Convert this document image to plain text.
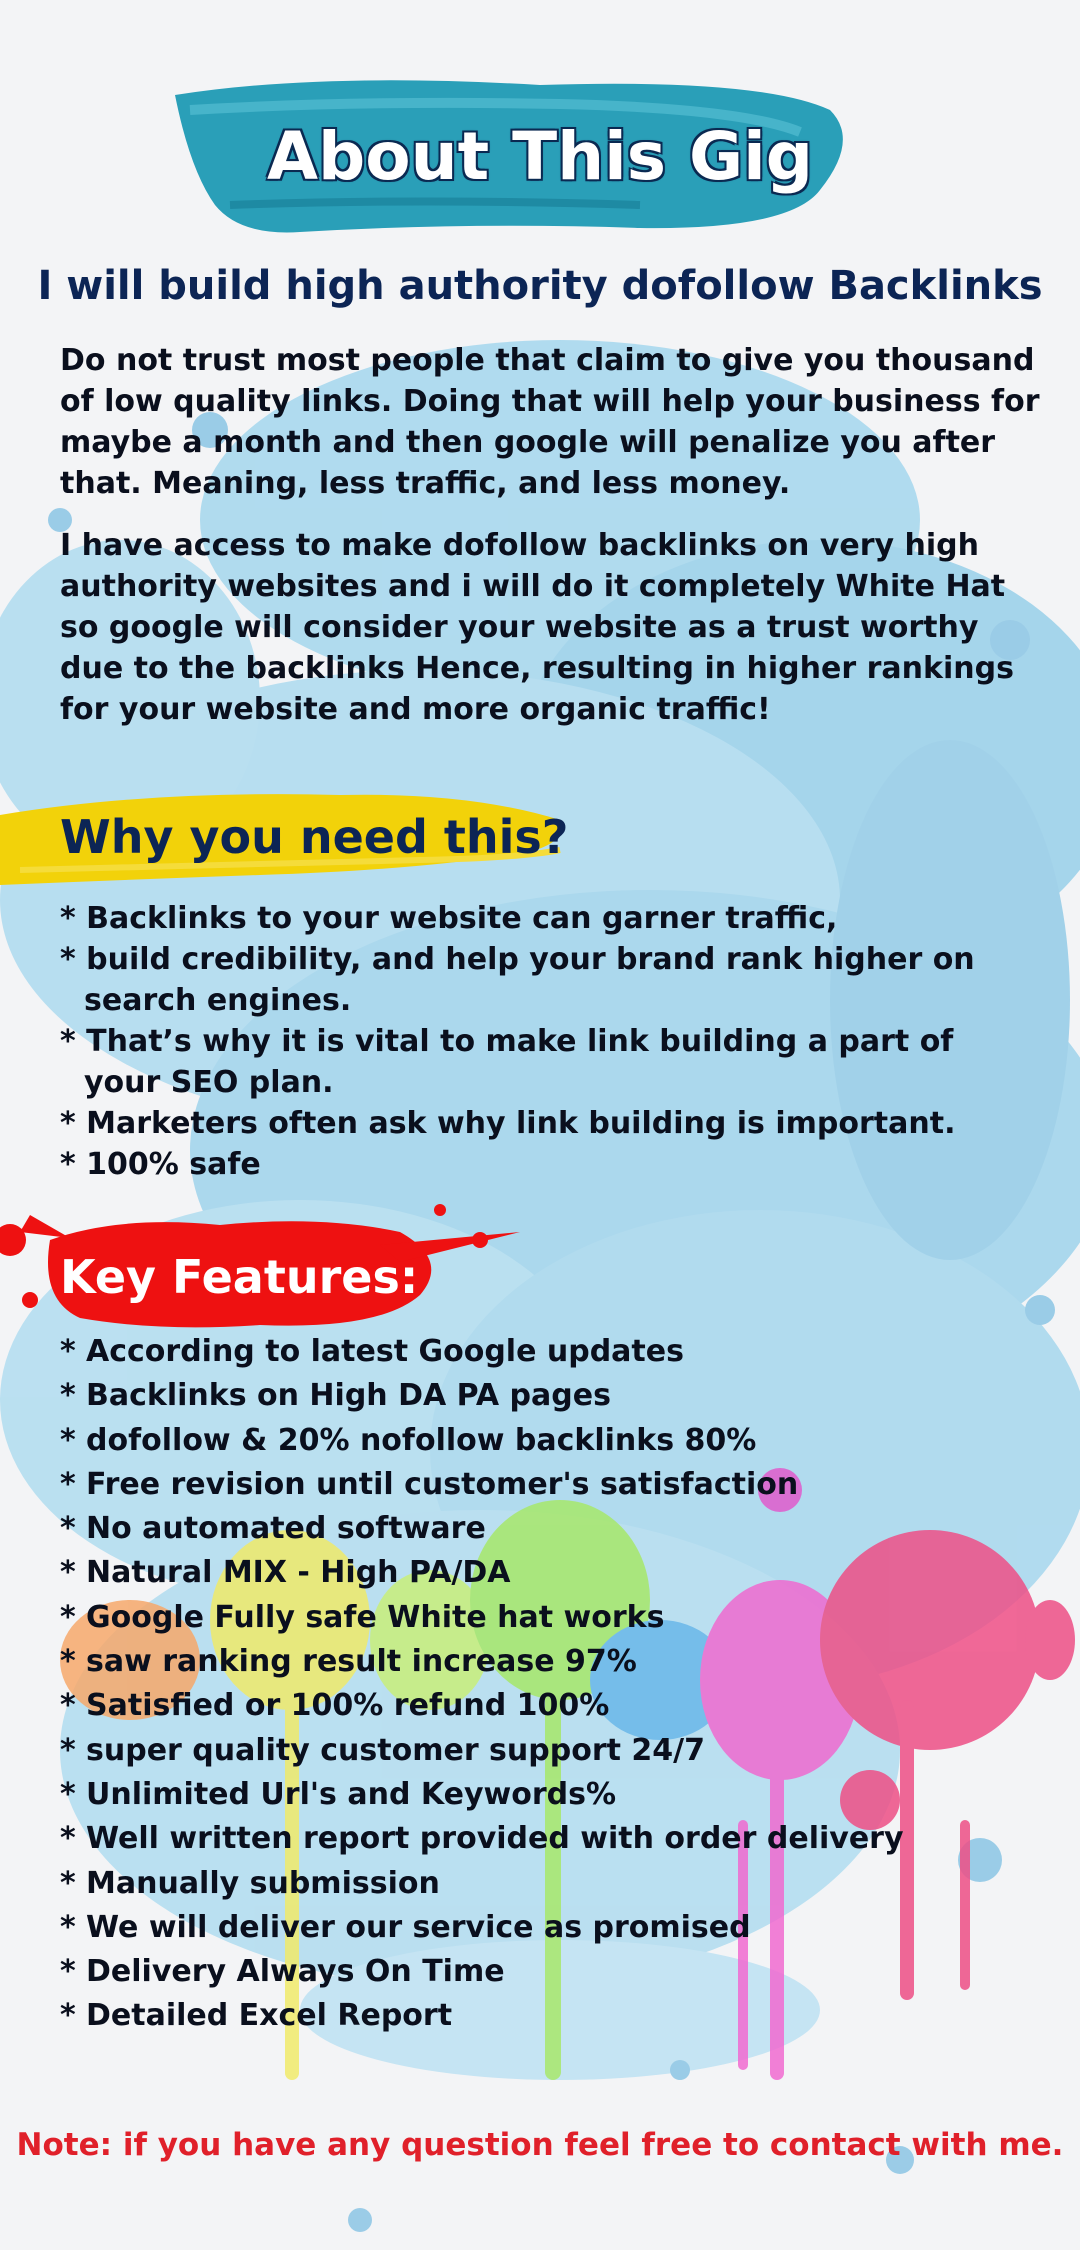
About This Gig
I will build high authority dofollow Backlinks
Do not trust most people that claim to give you thousand of low quality links. Doing that will help your business for maybe a month and then google will penalize you after that. Meaning, less traffic, and less money.
I have access to make dofollow backlinks on very high authority websites and i will do it completely White Hat so google will consider your website as a trust worthy due to the backlinks Hence, resulting in higher rankings for your website and more organic traffic!
Why you need this?
* Backlinks to your website can garner traffic,
* build credibility, and help your brand rank higher on search engines.
* That’s why it is vital to make link building a part of your SEO plan.
* Marketers often ask why link building is important.
* 100% safe
Key Features:
* According to latest Google updates
* Backlinks on High DA PA pages
* dofollow & 20% nofollow backlinks 80%
* Free revision until customer's satisfaction
* No automated software
* Natural MIX - High PA/DA
* Google Fully safe White hat works
* saw ranking result increase 97%
* Satisfied or 100% refund 100%
* super quality customer support 24/7
* Unlimited Url's and Keywords%
* Well written report provided with order delivery
* Manually submission
* We will deliver our service as promised
* Delivery Always On Time
* Detailed Excel Report
Note: if you have any question feel free to contact with me.
